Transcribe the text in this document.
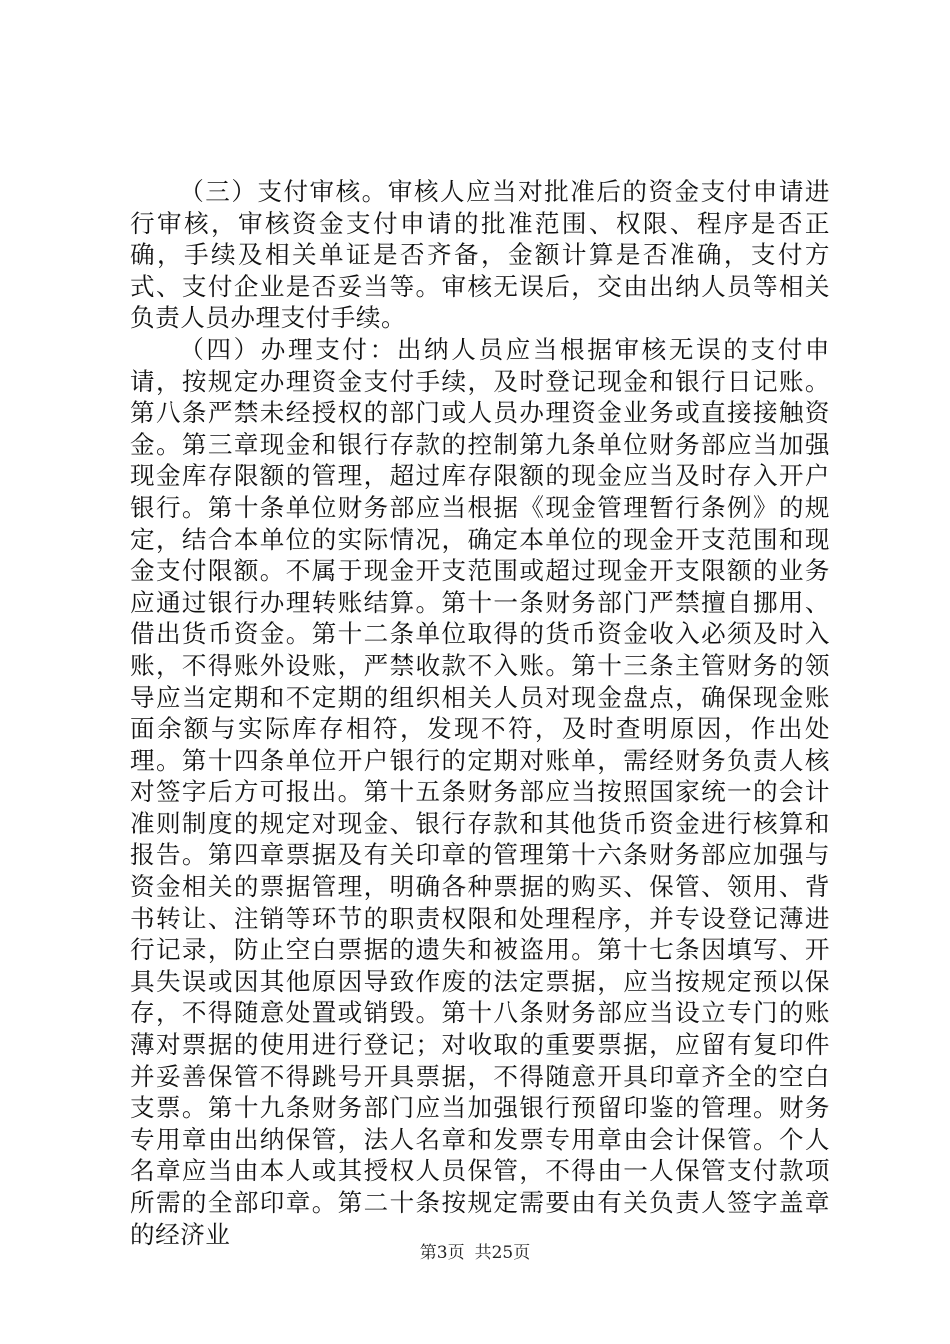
（三）支付审核。审核人应当对批准后的资金支付申请进行审核，审核资金支付申请的批准范围、权限、程序是否正确，手续及相关单证是否齐备，金额计算是否准确，支付方式、支付企业是否妥当等。审核无误后，交由出纳人员等相关负责人员办理支付手续。

（四）办理支付：出纳人员应当根据审核无误的支付申请，按规定办理资金支付手续，及时登记现金和银行日记账。第八条严禁未经授权的部门或人员办理资金业务或直接接触资金。第三章现金和银行存款的控制第九条单位财务部应当加强现金库存限额的管理，超过库存限额的现金应当及时存入开户银行。第十条单位财务部应当根据《现金管理暂行条例》的规定，结合本单位的实际情况，确定本单位的现金开支范围和现金支付限额。不属于现金开支范围或超过现金开支限额的业务应通过银行办理转账结算。第十一条财务部门严禁擅自挪用、借出货币资金。第十二条单位取得的货币资金收入必须及时入账，不得账外设账，严禁收款不入账。第十三条主管财务的领导应当定期和不定期的组织相关人员对现金盘点，确保现金账面余额与实际库存相符，发现不符，及时查明原因，作出处理。第十四条单位开户银行的定期对账单，需经财务负责人核对签字后方可报出。第十五条财务部应当按照国家统一的会计准则制度的规定对现金、银行存款和其他货币资金进行核算和报告。第四章票据及有关印章的管理第十六条财务部应加强与资金相关的票据管理，明确各种票据的购买、保管、领用、背书转让、注销等环节的职责权限和处理程序，并专设登记薄进行记录，防止空白票据的遗失和被盗用。第十七条因填写、开具失误或因其他原因导致作废的法定票据，应当按规定预以保存，不得随意处置或销毁。第十八条财务部应当设立专门的账薄对票据的使用进行登记；对收取的重要票据，应留有复印件并妥善保管不得跳号开具票据，不得随意开具印章齐全的空白支票。第十九条财务部门应当加强银行预留印鉴的管理。财务专用章由出纳保管，法人名章和发票专用章由会计保管。个人名章应当由本人或其授权人员保管，不得由一人保管支付款项所需的全部印章。第二十条按规定需要由有关负责人签字盖章的经济业

第3页 共25页
